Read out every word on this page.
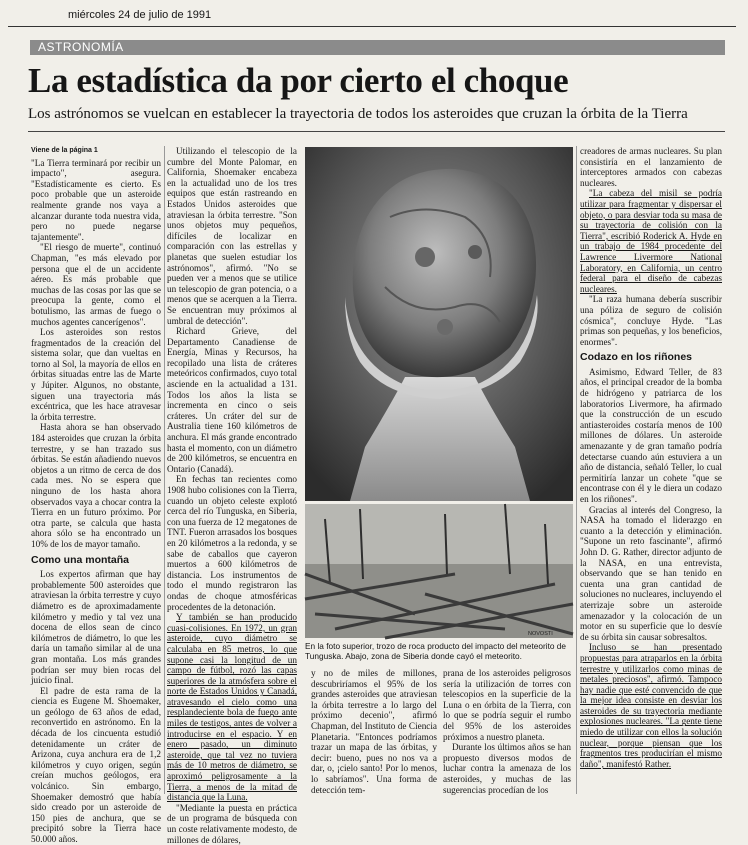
miércoles 24 de julio de 1991
ASTRONOMÍA
La estadística da por cierto el choque
Los astrónomos se vuelcan en establecer la trayectoria de todos los asteroides que cruzan la órbita de la Tierra

Viene de la página 1

"La Tierra terminará por recibir un impacto", asegura. "Estadísticamente es cierto. Es poco probable que un asteroide realmente grande nos vaya a alcanzar durante toda nuestra vida, pero no puede negarse tajantemente".

"El riesgo de muerte", continuó Chapman, "es más elevado por persona que el de un accidente aéreo. Es más probable que muchas de las cosas por las que se preocupa la gente, como el botulismo, las armas de fuego o muchos agentes cancerígenos".

Los asteroides son restos fragmentados de la creación del sistema solar, que dan vueltas en torno al Sol, la mayoría de ellos en órbitas situadas entre las de Marte y Júpiter. Algunos, no obstante, siguen una trayectoria más excéntrica, que les hace atravesar la órbita terrestre.

Hasta ahora se han observado 184 asteroides que cruzan la órbita terrestre, y se han trazado sus órbitas. Se están añadiendo nuevos objetos a un ritmo de cerca de dos cada mes. No se espera que ninguno de los hasta ahora observados vaya a chocar contra la Tierra en un futuro próximo. Por otra parte, se calcula que hasta ahora sólo se ha encontrado un 10% de los de mayor tamaño.

Como una montaña

Los expertos afirman que hay probablemente 500 asteroides que atraviesan la órbita terrestre y cuyo diámetro es de aproximadamente kilómetro y medio y tal vez una docena de ellos sean de cinco kilómetros de diámetro, lo que les daría un tamaño similar al de una gran montaña. Los más grandes podrían ser muy bien rocas del juicio final.

El padre de esta rama de la ciencia es Eugene M. Shoemaker, un geólogo de 63 años de edad, reconvertido en astrónomo. En la década de los cincuenta estudió detenidamente un cráter de Arizona, cuya anchura era de 1,2 kilómetros y cuyo origen, según creían muchos geólogos, era volcánico. Sin embargo, Shoemaker demostró que había sido creado por un asteroide de 150 pies de anchura, que se precipitó sobre la Tierra hace 50.000 años.

Utilizando el telescopio de la cumbre del Monte Palomar, en California, Shoemaker encabeza en la actualidad uno de los tres equipos que están rastreando en Estados Unidos asteroides que atraviesan la órbita terrestre. "Son unos objetos muy pequeños, difíciles de localizar en comparación con las estrellas y planetas que suelen estudiar los astrónomos", afirmó. "No se pueden ver a menos que se utilice un telescopio de gran potencia, o a menos que se acerquen a la Tierra. Se encuentran muy próximos al umbral de detección".

Richard Grieve, del Departamento Canadiense de Energía, Minas y Recursos, ha recopilado una lista de cráteres meteóricos confirmados, cuyo total asciende en la actualidad a 131. Todos los años la lista se incrementa en cinco o seis cráteres. Un cráter del sur de Australia tiene 160 kilómetros de anchura. El más grande encontrado hasta el momento, con un diámetro de 200 kilómetros, se encuentra en Ontario (Canadá).

En fechas tan recientes como 1908 hubo colisiones con la Tierra, cuando un objeto celeste explotó cerca del río Tunguska, en Siberia, con una fuerza de 12 megatones de TNT. Fueron arrasados los bosques en 20 kilómetros a la redonda, y se sabe de caballos que cayeron muertos a 600 kilómetros de distancia. Los instrumentos de todo el mundo registraron las ondas de choque atmosféricas procedentes de la detonación.

Y también se han producido cuasi-colisiones. En 1972, un gran asteroide, cuyo diámetro se calculaba en 85 metros, lo que supone casi la longitud de un campo de fútbol, rozó las capas superiores de la atmósfera sobre el norte de Estados Unidos y Canadá, atravesando el cielo como una resplandeciente bola de fuego ante miles de testigos, antes de volver a introducirse en el espacio. Y en enero pasado, un diminuto asteroide, que tal vez no tuviera más de 10 metros de diámetro, se aproximó peligrosamente a la Tierra, a menos de la mitad de distancia que la Luna.

"Mediante la puesta en práctica de un programa de búsqueda con un coste relativamente modesto, de millones de dólares,

NOVOSTI
En la foto superior, trozo de roca producto del impacto del meteorito de Tunguska. Abajo, zona de Siberia donde cayó el meteorito.

y no de miles de millones, descubriríamos el 95% de los grandes asteroides que atraviesan la órbita terrestre a lo largo del próximo decenio", afirmó Chapman, del Instituto de Ciencia Planetaria. "Entonces podríamos trazar un mapa de las órbitas, y decir: bueno, pues no nos va a dar, o, ¡cielo santo! Por lo menos, lo sabríamos". Una forma de detección tem-

prana de los asteroides peligrosos sería la utilización de torres con telescopios en la superficie de la Luna o en órbita de la Tierra, con lo que se podría seguir el rumbo del 95% de los asteroides próximos a nuestro planeta.

Durante los últimos años se han propuesto diversos modos de luchar contra la amenaza de los asteroides, y muchas de las sugerencias procedían de los

creadores de armas nucleares. Su plan consistiría en el lanzamiento de interceptores armados con cabezas nucleares.

"La cabeza del misil se podría utilizar para fragmentar y dispersar el objeto, o para desviar toda su masa de su trayectoria de colisión con la Tierra", escribió Roderick A. Hyde en un trabajo de 1984 procedente del Lawrence Livermore National Laboratory, en California, un centro federal para el diseño de cabezas nucleares.

"La raza humana debería suscribir una póliza de seguro de colisión cósmica", concluye Hyde. "Las primas son pequeñas, y los beneficios, enormes".

Codazo en los riñones

Asimismo, Edward Teller, de 83 años, el principal creador de la bomba de hidrógeno y patriarca de los laboratorios Livermore, ha afirmado que la construcción de un escudo antiasteroides costaría menos de 100 millones de dólares. Un asteroide amenazante y de gran tamaño podría detectarse cuando aún estuviera a un año de distancia, señaló Teller, lo cual permitiría lanzar un cohete "que se encontrase con él y le diera un codazo en los riñones".

Gracias al interés del Congreso, la NASA ha tomado el liderazgo en cuanto a la detección y eliminación. "Supone un reto fascinante", afirmó John D. G. Rather, director adjunto de la NASA, en una entrevista, observando que se han tenido en cuenta una gran cantidad de soluciones no nucleares, incluyendo el aterrizaje sobre un asteroide amenazador y la colocación de un motor en su superficie que lo desvíe de su órbita sin causar sobresaltos.

Incluso se han presentado propuestas para atraparlos en la órbita terrestre y utilizarlos como minas de metales preciosos", afirmó. Tampoco hay nadie que esté convencido de que la mejor idea consiste en desviar los asteroides de su trayectoria mediante explosiones nucleares. "La gente tiene miedo de utilizar con ellos la solución nuclear, porque piensan que los fragmentos tres producirían el mismo daño", manifestó Rather.
